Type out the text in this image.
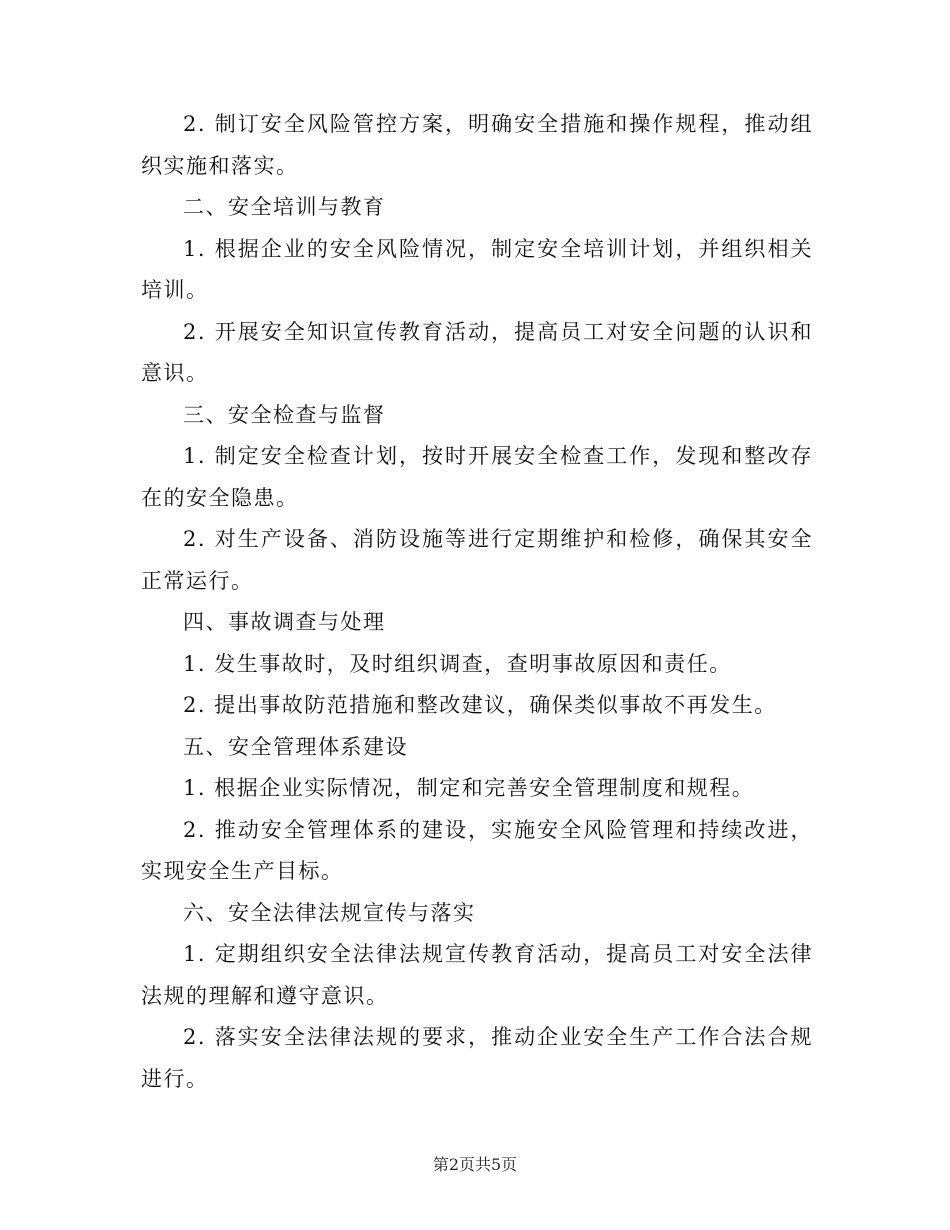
2. 制订安全风险管控方案，明确安全措施和操作规程，推动组织实施和落实。

二、安全培训与教育

1. 根据企业的安全风险情况，制定安全培训计划，并组织相关培训。

2. 开展安全知识宣传教育活动，提高员工对安全问题的认识和意识。

三、安全检查与监督

1. 制定安全检查计划，按时开展安全检查工作，发现和整改存在的安全隐患。

2. 对生产设备、消防设施等进行定期维护和检修，确保其安全正常运行。

四、事故调查与处理

1. 发生事故时，及时组织调查，查明事故原因和责任。

2. 提出事故防范措施和整改建议，确保类似事故不再发生。

五、安全管理体系建设

1. 根据企业实际情况，制定和完善安全管理制度和规程。

2. 推动安全管理体系的建设，实施安全风险管理和持续改进，实现安全生产目标。

六、安全法律法规宣传与落实

1. 定期组织安全法律法规宣传教育活动，提高员工对安全法律法规的理解和遵守意识。

2. 落实安全法律法规的要求，推动企业安全生产工作合法合规进行。

第2页共5页
